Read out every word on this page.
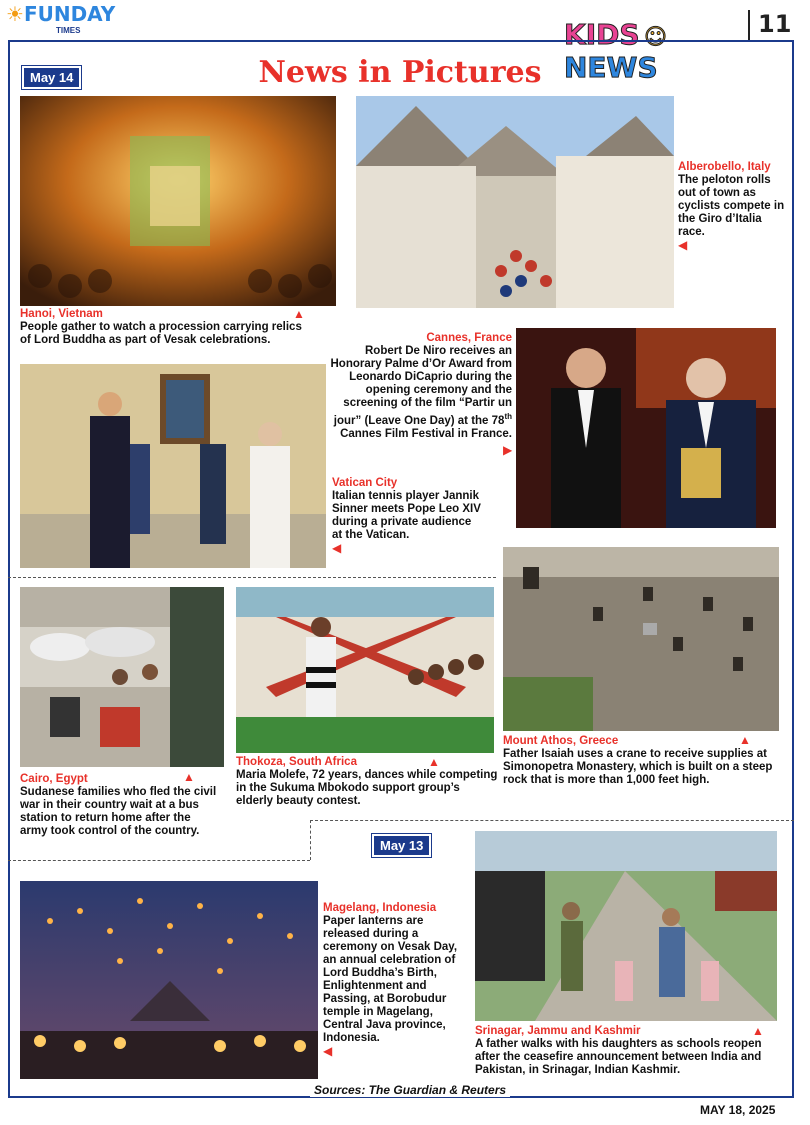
☀FUNDAY
TIMES	KIDS ☺ NEWS
11
May 14	News in Pictures
▲
Hanoi, Vietnam
People gather to watch a procession carrying relics of Lord Buddha as part of Vesak celebrations.
Alberobello, Italy
The peloton rolls out of town as cyclists compete in the Giro d’Italia race.
◀
Cannes, France
Robert De Niro receives an Honorary Palme d’Or Award from Leonardo DiCaprio during the opening ceremony and the screening of the film “Partir un jour” (Leave One Day) at the 78th Cannes Film Festival in France.
◀
Vatican City
Italian tennis player Jannik Sinner meets Pope Leo XIV during a private audience at the Vatican.
◀
▲
Cairo, Egypt
Sudanese families who fled the civil war in their country wait at a bus station to return home after the army took control of the country.
▲
Thokoza, South Africa
Maria Molefe, 72 years, dances while competing in the Sukuma Mbokodo support group’s elderly beauty contest.
▲
Mount Athos, Greece
Father Isaiah uses a crane to receive supplies at Simonopetra Monastery, which is built on a steep rock that is more than 1,000 feet high.
May 13
Magelang, Indonesia
Paper lanterns are released during a ceremony on Vesak Day, an annual celebration of Lord Buddha’s Birth, Enlightenment and Passing, at Borobudur temple in Magelang, Central Java province, Indonesia.
◀
▲
Srinagar, Jammu and Kashmir
A father walks with his daughters as schools reopen after the ceasefire announcement between India and Pakistan, in Srinagar, Indian Kashmir.
Sources: The Guardian & Reuters
MAY 18, 2025
